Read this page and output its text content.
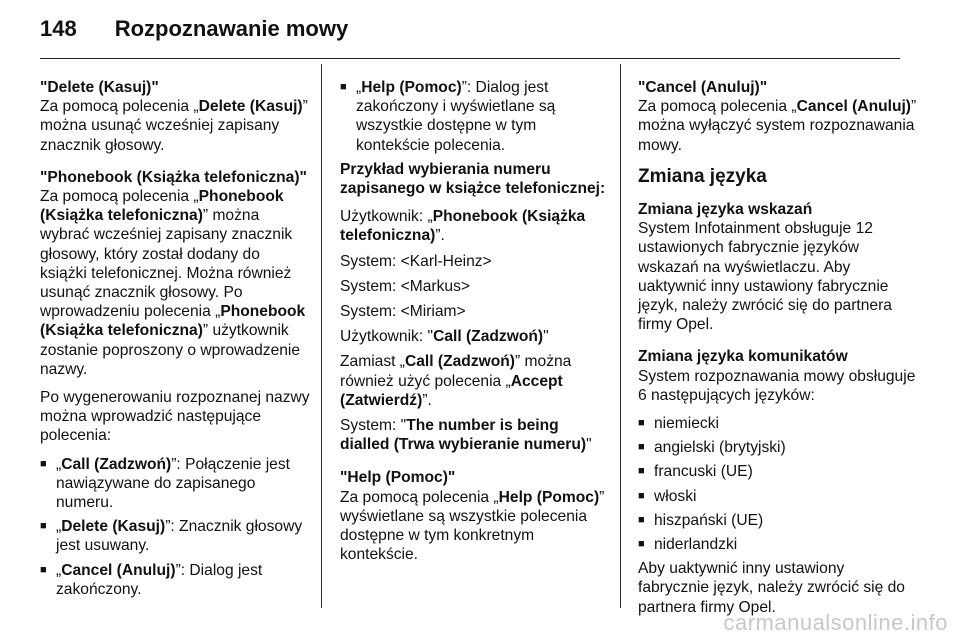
148 Rozpoznawanie mowy

"Delete (Kasuj)"

Za pomocą polecenia „Delete (Kasuj)” można usunąć wcześniej zapisany znacznik głosowy.

"Phonebook (Książka telefoniczna)"

Za pomocą polecenia „Phonebook (Książka telefoniczna)” można wybrać wcześniej zapisany znacznik głosowy, który został dodany do książki telefonicznej. Można również usunąć znacznik głosowy. Po wprowadzeniu polecenia „Phonebook (Książka telefoniczna)” użytkownik zostanie poproszony o wprowadzenie nazwy.

Po wygenerowaniu rozpoznanej nazwy można wprowadzić następujące polecenia:

■ „Call (Zadzwoń)”: Połączenie jest nawiązywane do zapisanego numeru.
■ „Delete (Kasuj)”: Znacznik głosowy jest usuwany.
■ „Cancel (Anuluj)”: Dialog jest zakończony.
■ „Help (Pomoc)”: Dialog jest zakończony i wyświetlane są wszystkie dostępne w tym kontekście polecenia.

Przykład wybierania numeru zapisanego w książce telefonicznej:

Użytkownik: „Phonebook (Książka telefoniczna)”.

System: <Karl-Heinz>

System: <Markus>

System: <Miriam>

Użytkownik: "Call (Zadzwoń)"

Zamiast „Call (Zadzwoń)” można również użyć polecenia „Accept (Zatwierdź)”.

System: "The number is being dialled (Trwa wybieranie numeru)"

"Help (Pomoc)"

Za pomocą polecenia „Help (Pomoc)” wyświetlane są wszystkie polecenia dostępne w tym konkretnym kontekście.

"Cancel (Anuluj)"

Za pomocą polecenia „Cancel (Anuluj)” można wyłączyć system rozpoznawania mowy.

Zmiana języka

Zmiana języka wskazań

System Infotainment obsługuje 12 ustawionych fabrycznie języków wskazań na wyświetlaczu. Aby uaktywnić inny ustawiony fabrycznie język, należy zwrócić się do partnera firmy Opel.

Zmiana języka komunikatów

System rozpoznawania mowy obsługuje 6 następujących języków:

■ niemiecki
■ angielski (brytyjski)
■ francuski (UE)
■ włoski
■ hiszpański (UE)
■ niderlandzki

Aby uaktywnić inny ustawiony fabrycznie język, należy zwrócić się do partnera firmy Opel.

carmanualsonline.info
